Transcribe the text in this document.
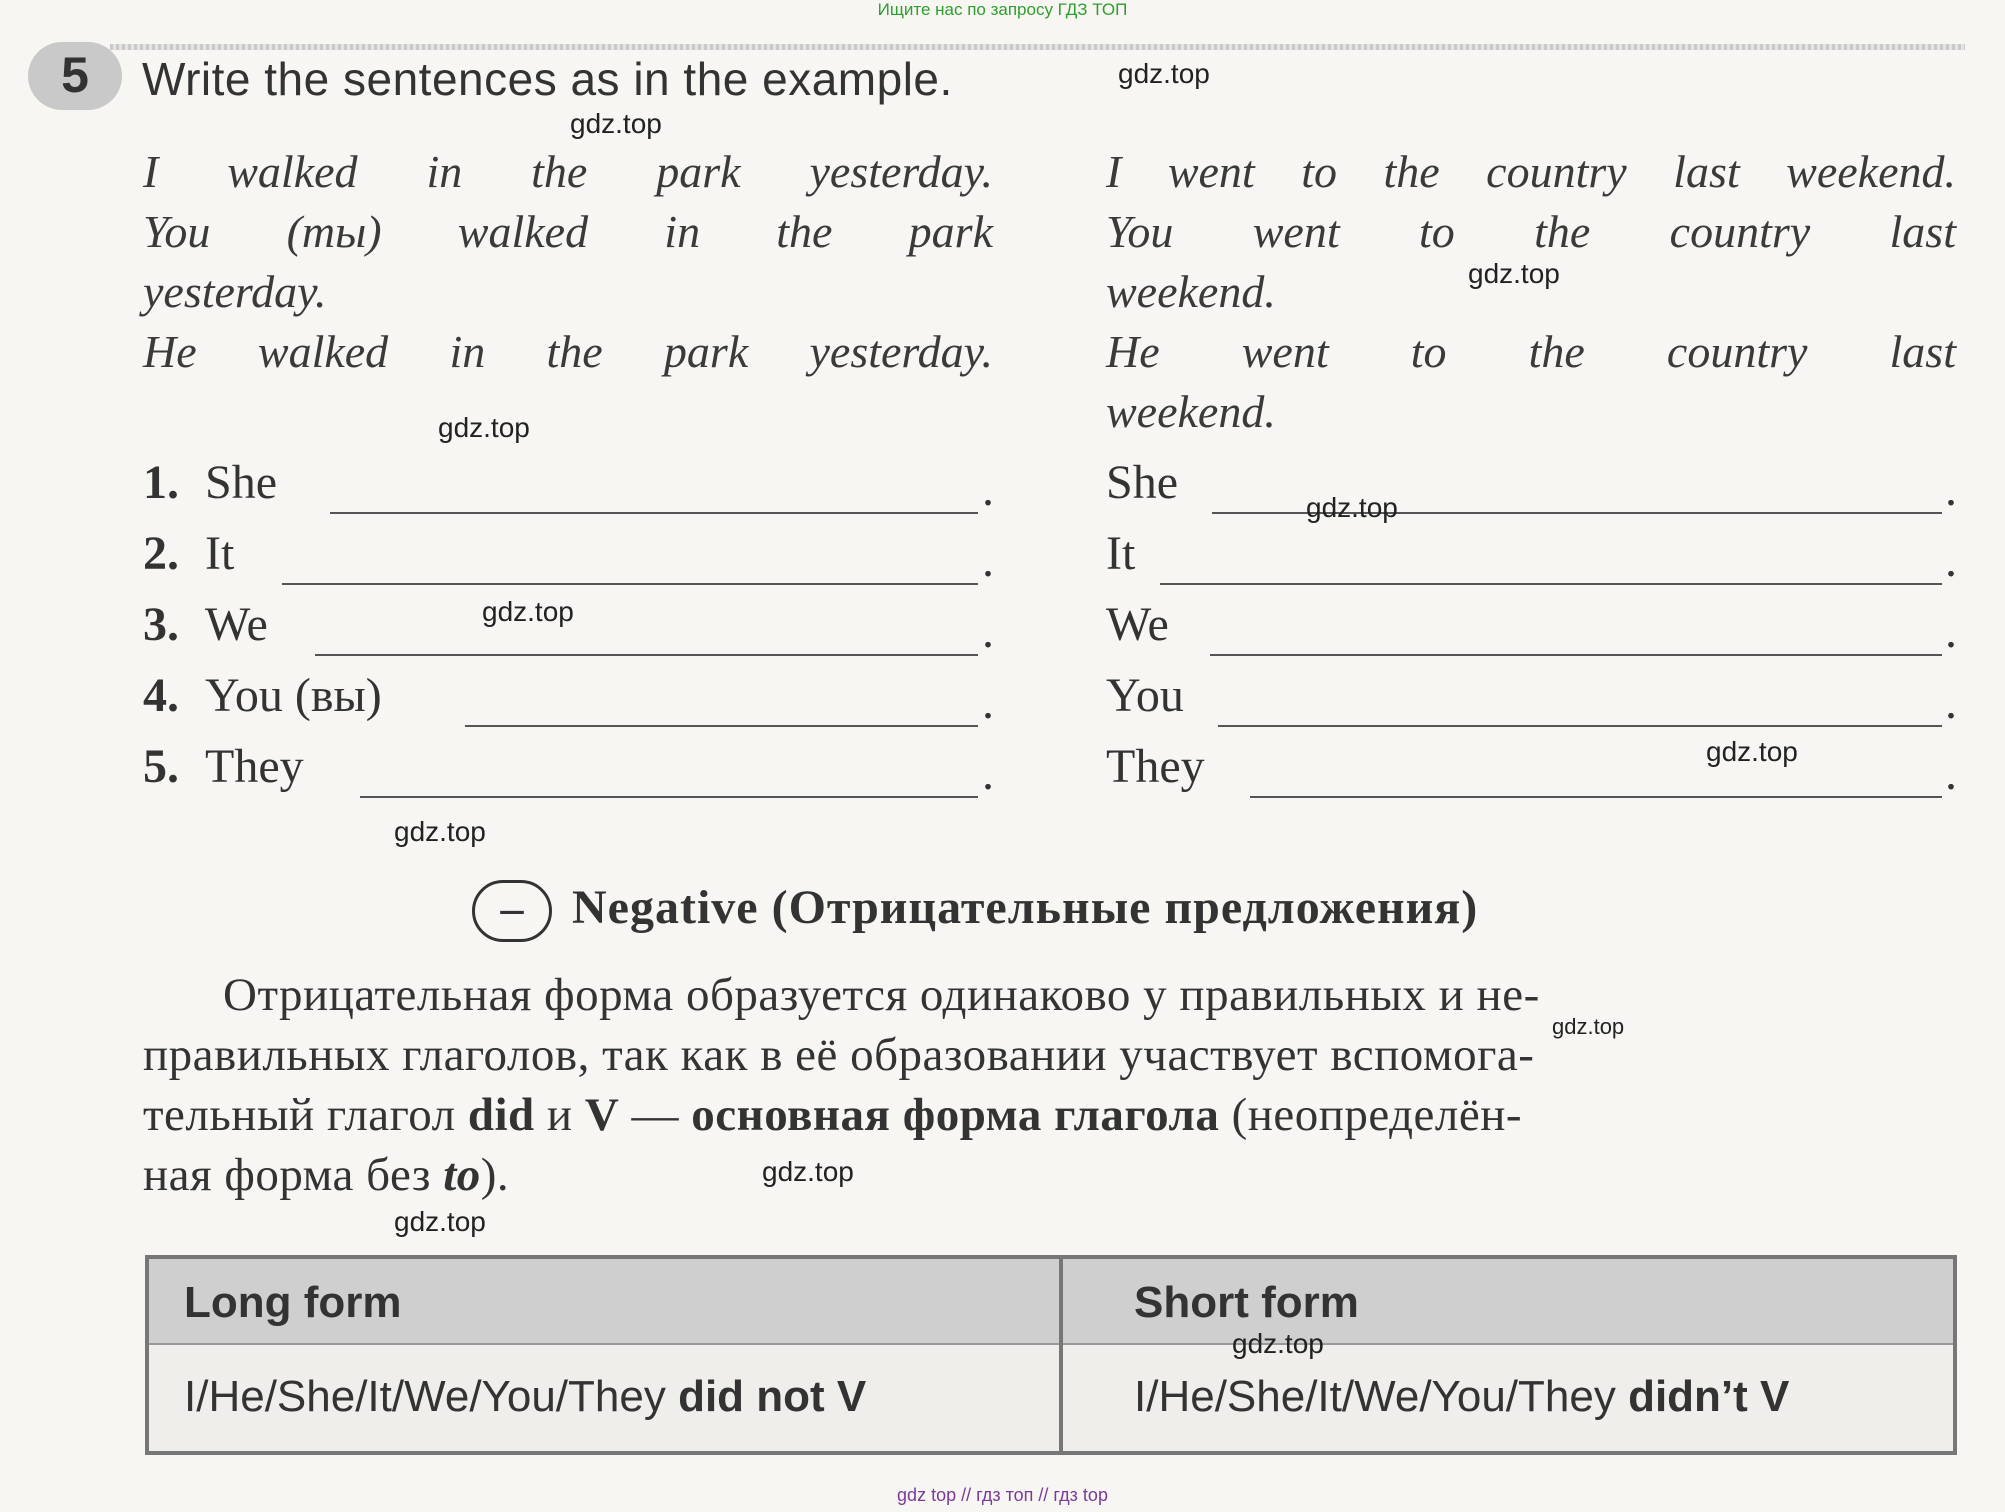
Ищите нас по запросу ГДЗ ТОП
5	Write the sentences as in the example.
I walked in the park yesterday.
You (ты) walked in the park
yesterday.
He walked in the park yesterday.
I went to the country last weekend.
You went to the country last
weekend.
He went to the country last
weekend.
1. She	.
2. It	.
3. We	.
4. You (вы)	.
5. They	.
She	.
It	.
We	.
You	.
They	.
–	Negative (Отрицательные предложения)
Отрицательная форма образуется одинаково у правильных и не-
правильных глаголов, так как в её образовании участвует вспомога-
тельный глагол did и V — основная форма глагола (неопределён-
ная форма без to).
Long form	Short form
I/He/She/It/We/You/They did not V	I/He/She/It/We/You/They didn’t V
gdz.top
gdz.top
gdz.top
gdz.top
gdz.top
gdz.top
gdz.top
gdz.top
gdz.top
gdz.top
gdz.top
gdz.top
gdz top // гдз топ // гдз top
